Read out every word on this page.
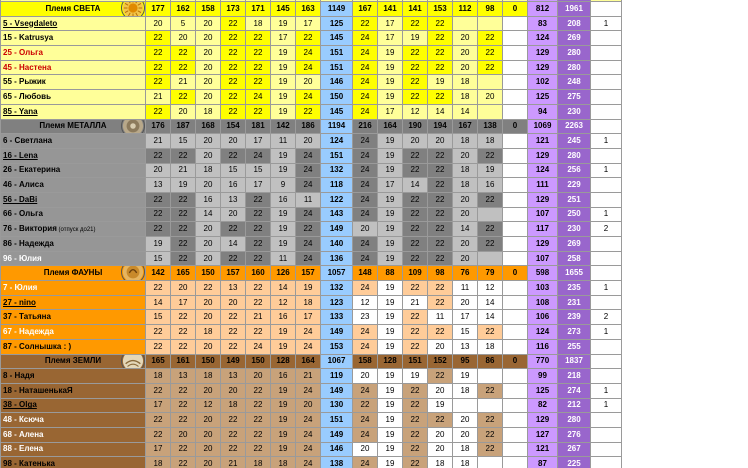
Племя СВЕТА	177	162	158	173	171	145	163	1149	167	141	141	153	112	98	0	812	1961	
5 - Vsegdaleto	20	5	20	22	18	19	17	125	22	17	22	22				83	208	1
15 - Katrusya	22	20	20	22	22	17	22	145	24	17	19	22	20	22		124	269	
25 - Ольга	22	22	20	22	22	19	24	151	24	19	22	22	20	22		129	280	
45 - Настена	22	22	20	22	22	19	24	151	24	19	22	22	20	22		129	280	
55 - Рыжик	22	21	20	22	22	19	20	146	24	19	22	19	18			102	248	
65 - Любовь	21	22	20	22	24	19	24	150	24	19	22	22	18	20		125	275	
85 - Yana	22	20	18	22	22	19	22	145	24	17	12	14	14			94	230	
Племя МЕТАЛЛА	176	187	168	154	181	142	186	1194	216	164	190	194	167	138	0	1069	2263	
6 - Светлана	21	15	20	20	17	11	20	124	24	19	20	20	18	18		121	245	1
16 - Lena	22	22	20	22	24	19	24	151	24	19	22	22	20	22		129	280	
26 - Екатерина	20	21	18	15	15	19	24	132	24	19	22	22	18	19		124	256	1
46 - Алиса	13	19	20	16	17	9	24	118	24	17	14	22	18	16		111	229	
56 - DaBi	22	22	16	13	22	16	11	122	24	19	22	22	20	22		129	251	
66 - Ольга	22	22	14	20	22	19	24	143	24	19	22	22	20			107	250	1
76 - Виктория (отпуск до21)	22	22	20	22	22	19	22	149	20	19	22	22	14	22		117	230	2
86 - Надежда	19	22	20	14	22	19	24	140	24	19	22	22	20	22		129	269	
96 - Юлия	15	22	20	22	22	11	24	136	24	19	22	22	20			107	258	
Племя ФАУНЫ	142	165	150	157	160	126	157	1057	148	88	109	98	76	79	0	598	1655	
7 - Юлия	22	20	22	13	22	14	19	132	24	19	22	22	11	12		103	235	1
27 - nino	14	17	20	20	22	12	18	123	12	19	21	22	20	14		108	231	
37 - Татьяна	15	22	20	22	21	16	17	133	23	19	22	11	17	14		106	239	2
67 - Надежда	22	22	18	22	22	19	24	149	24	19	22	22	15	22		124	273	1
87 - Солнышка : )	22	22	20	22	24	19	24	153	24	19	22	20	13	18		116	255	
Племя ЗЕМЛИ	165	161	150	149	150	128	164	1067	158	128	151	152	95	86	0	770	1837	
8 - Надя	18	13	18	13	20	16	21	119	20	19	19	22	19			99	218	
18 - НаташенькаЯ	22	22	20	20	22	19	24	149	24	19	22	20	18	22		125	274	1
38 - Olga	17	22	12	18	22	19	20	130	22	19	22	19				82	212	1
48 - Ксюча	22	22	20	22	22	19	24	151	24	19	22	22	20	22		129	280	
68 - Алена	22	20	20	22	22	19	24	149	24	19	22	20	20	22		127	276	
88 - Елена	17	22	20	22	22	19	24	146	20	19	22	20	18	22		121	267	
98 - Катенька	18	22	20	21	18	18	24	138	24	19	22	18	18			87	225	
